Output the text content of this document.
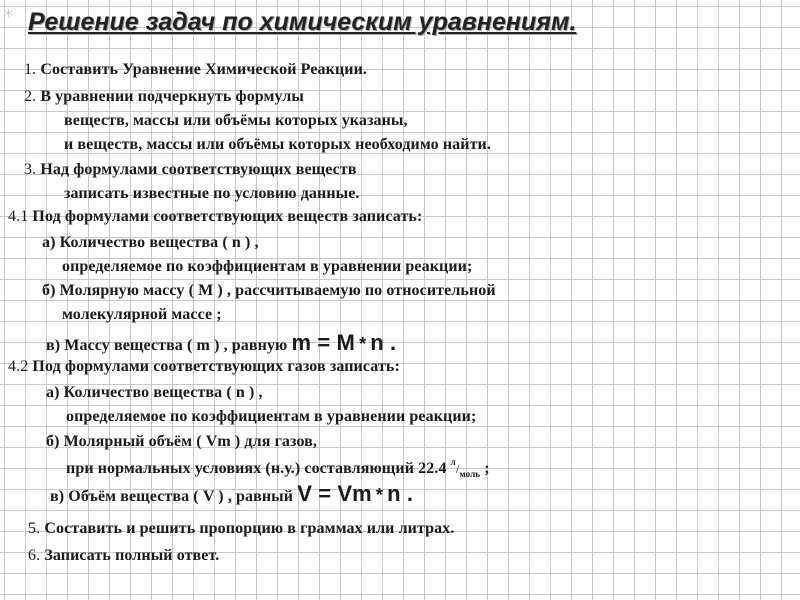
* Решение задач по химическим уравнениям.
1. Составить Уравнение Химической Реакции.
2. В уравнении подчеркнуть формулы
веществ, массы или объёмы которых указаны,
и веществ, массы или объёмы которых необходимо найти.
3. Над формулами соответствующих веществ
записать известные по условию данные.
4.1 Под формулами соответствующих веществ записать:
а) Количество вещества ( n ) ,
определяемое по коэффициентам в уравнении реакции;
б) Молярную массу ( М ) , рассчитываемую по относительной
молекулярной массе ;
в) Массу вещества ( m ) , равную m = M * n .
4.2 Под формулами соответствующих газов записать:
а) Количество вещества ( n ) ,
определяемое по коэффициентам в уравнении реакции;
б) Молярный объём ( Vm ) для газов,
при нормальных условиях (н.у.) составляющий 22.4 $^л/_{моль}$ ;
в) Объём вещества ( V ) , равный V = Vm * n .
5. Составить и решить пропорцию в граммах или литрах.
6. Записать полный ответ.
